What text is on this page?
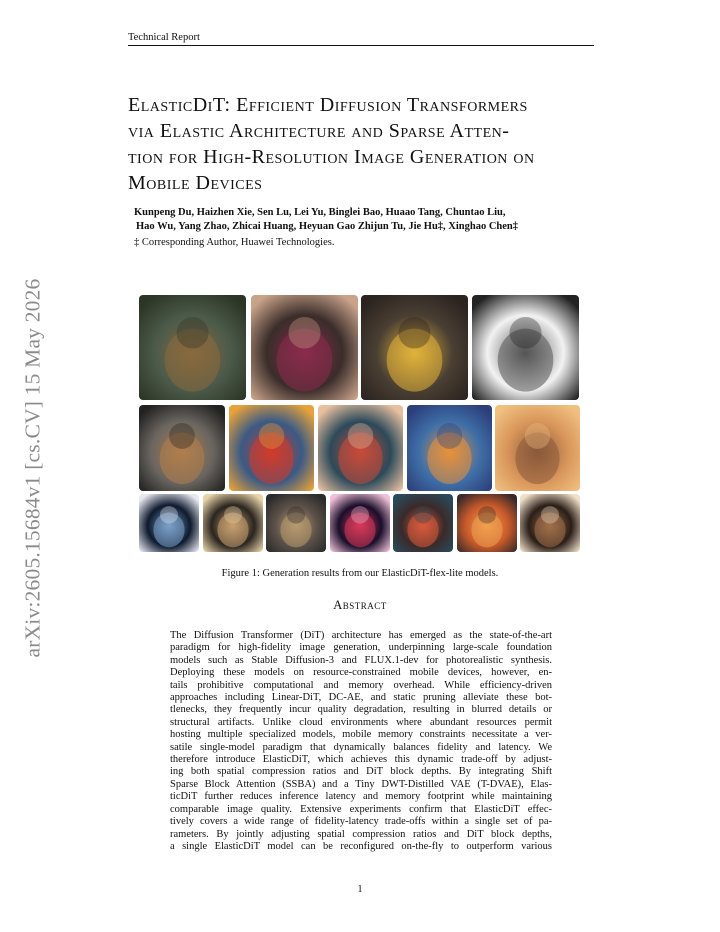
arXiv:2605.15684v1 [cs.CV] 15 May 2026
Technical Report
ElasticDiT: Efficient Diffusion Transformers
via Elastic Architecture and Sparse Atten-
tion for High-Resolution Image Generation on
Mobile Devices
Kunpeng Du, Haizhen Xie, Sen Lu, Lei Yu, Binglei Bao, Huaao Tang, Chuntao Liu,
Hao Wu, Yang Zhao, Zhicai Huang, Heyuan Gao Zhijun Tu, Jie Hu‡, Xinghao Chen‡
‡ Corresponding Author, Huawei Technologies.
Figure 1: Generation results from our ElasticDiT-flex-lite models.
Abstract
The Diffusion Transformer (DiT) architecture has emerged as the state-of-the-art
paradigm for high-fidelity image generation, underpinning large-scale foundation
models such as Stable Diffusion-3 and FLUX.1-dev for photorealistic synthesis.
Deploying these models on resource-constrained mobile devices, however, en-
tails prohibitive computational and memory overhead. While efficiency-driven
approaches including Linear-DiT, DC-AE, and static pruning alleviate these bot-
tlenecks, they frequently incur quality degradation, resulting in blurred details or
structural artifacts. Unlike cloud environments where abundant resources permit
hosting multiple specialized models, mobile memory constraints necessitate a ver-
satile single-model paradigm that dynamically balances fidelity and latency. We
therefore introduce ElasticDiT, which achieves this dynamic trade-off by adjust-
ing both spatial compression ratios and DiT block depths. By integrating Shift
Sparse Block Attention (SSBA) and a Tiny DWT-Distilled VAE (T-DVAE), Elas-
ticDiT further reduces inference latency and memory footprint while maintaining
comparable image quality. Extensive experiments confirm that ElasticDiT effec-
tively covers a wide range of fidelity-latency trade-offs within a single set of pa-
rameters. By jointly adjusting spatial compression ratios and DiT block depths,
a single ElasticDiT model can be reconfigured on-the-fly to outperform various
1
